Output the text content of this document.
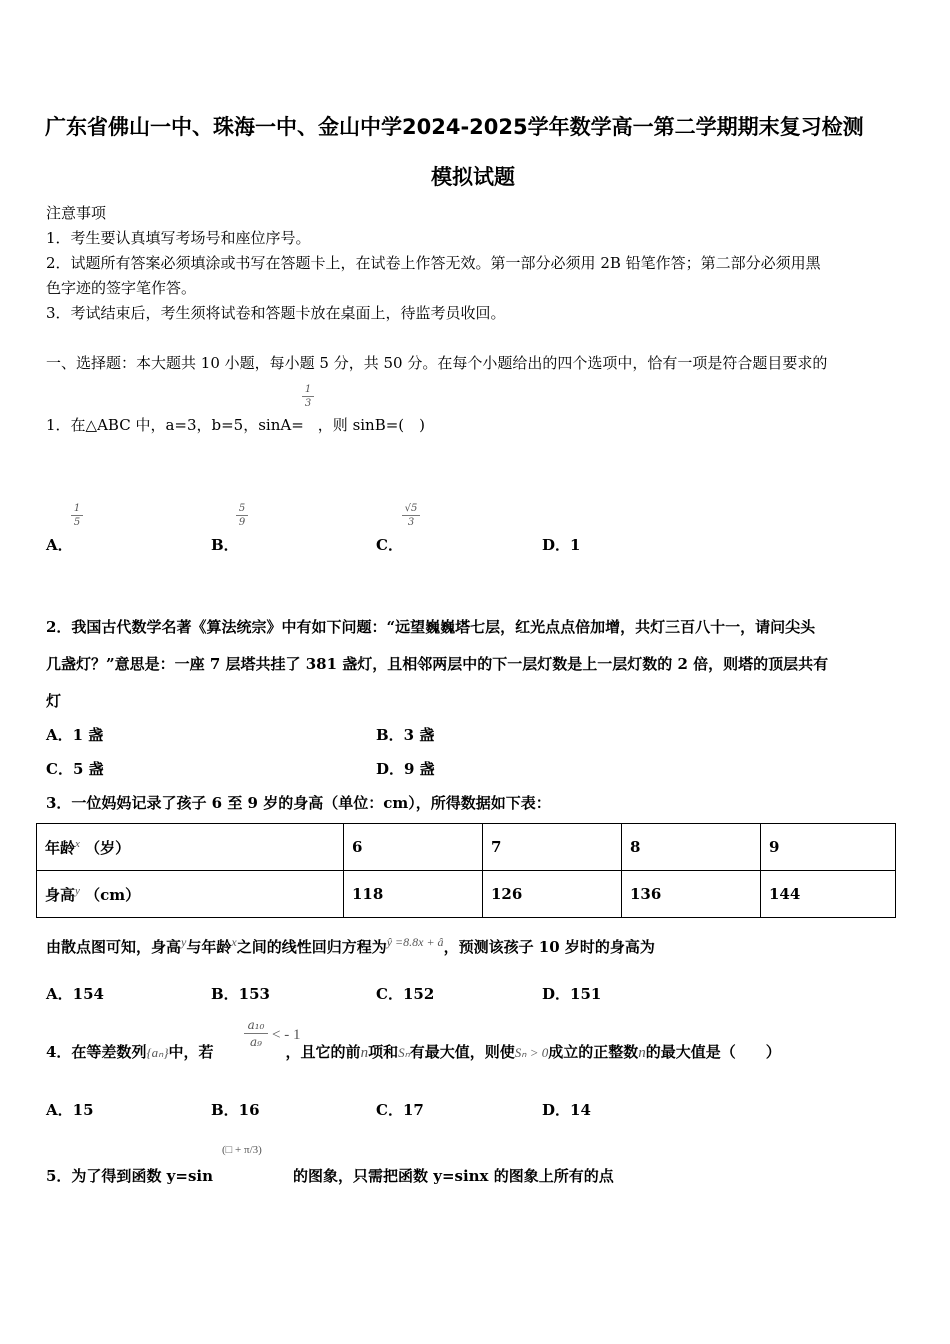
广东省佛山一中、珠海一中、金山中学2024-2025学年数学高一第二学期期末复习检测
模拟试题
注意事项
1．考生要认真填写考场号和座位序号。
2．试题所有答案必须填涂或书写在答题卡上，在试卷上作答无效。第一部分必须用 2B 铅笔作答；第二部分必须用黑
色字迹的签字笔作答。
3．考试结束后，考生须将试卷和答题卡放在桌面上，待监考员收回。
一、选择题：本大题共 10 小题，每小题 5 分，共 50 分。在每个小题给出的四个选项中，恰有一项是符合题目要求的
1
3
1．在△ABC 中，a=3，b=5，sinA= ，则 sinB=(　)
A．
1
5
B．
5
9
C．
√5
3
D．1
2．我国古代数学名著《算法统宗》中有如下问题：“远望巍巍塔七层，红光点点倍加增，共灯三百八十一，请问尖头
几盏灯？”意思是：一座 7 层塔共挂了 381 盏灯，且相邻两层中的下一层灯数是上一层灯数的 2 倍，则塔的顶层共有
灯
A．1 盏	B．3 盏
C．5 盏	D．9 盏
3．一位妈妈记录了孩子 6 至 9 岁的身高（单位：cm），所得数据如下表：
年龄$^x$ （岁）	6	7	8	9
身高$^y$ （cm）	118	126	136	144
由散点图可知，身高$^y$与年龄$^x$之间的线性回归方程为$^{ŷ =8.8x + â}$，预测该孩子 10 岁时的身高为
A．154	B．153	C．152	D．151
a₁₀
a₉ < - 1
4．在等差数列{aₙ}中，若	，且它的前n项和Sₙ有最大值，则使Sₙ > 0成立的正整数n的最大值是（　　）
A．15	B．16	C．17	D．14
(□ + π/3)
5．为了得到函数 y=sin	的图象，只需把函数 y=sinx 的图象上所有的点
